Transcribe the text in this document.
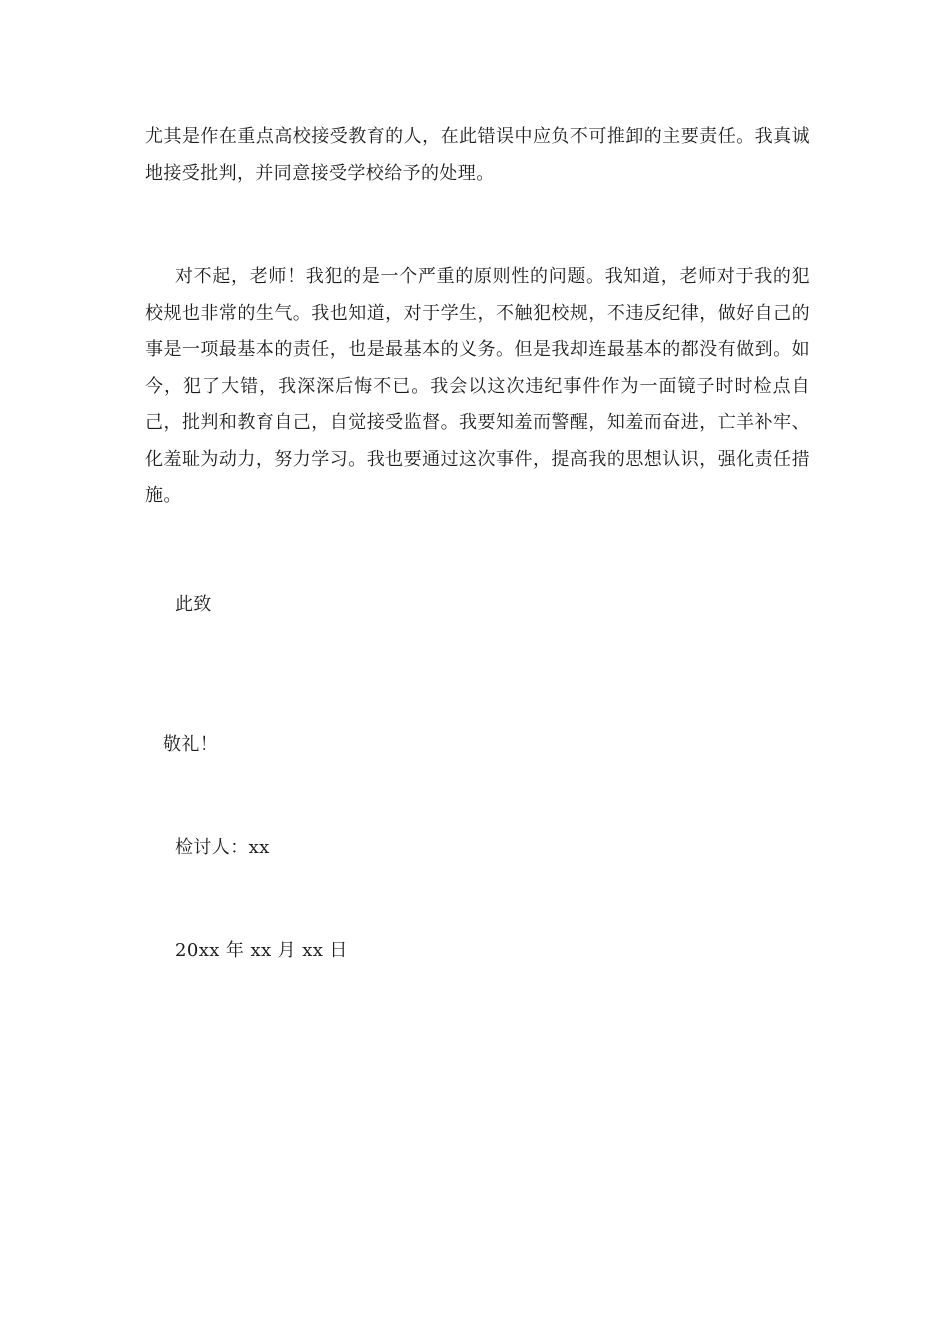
尤其是作在重点高校接受教育的人，在此错误中应负不可推卸的主要责任。我真诚地接受批判，并同意接受学校给予的处理。

对不起，老师！我犯的是一个严重的原则性的问题。我知道，老师对于我的犯校规也非常的生气。我也知道，对于学生，不触犯校规，不违反纪律，做好自己的事是一项最基本的责任，也是最基本的义务。但是我却连最基本的都没有做到。如今，犯了大错，我深深后悔不已。我会以这次违纪事件作为一面镜子时时检点自己，批判和教育自己，自觉接受监督。我要知羞而警醒，知羞而奋进，亡羊补牢、化羞耻为动力，努力学习。我也要通过这次事件，提高我的思想认识，强化责任措施。

此致

敬礼！

检讨人：xx

20xx 年 xx 月 xx 日
